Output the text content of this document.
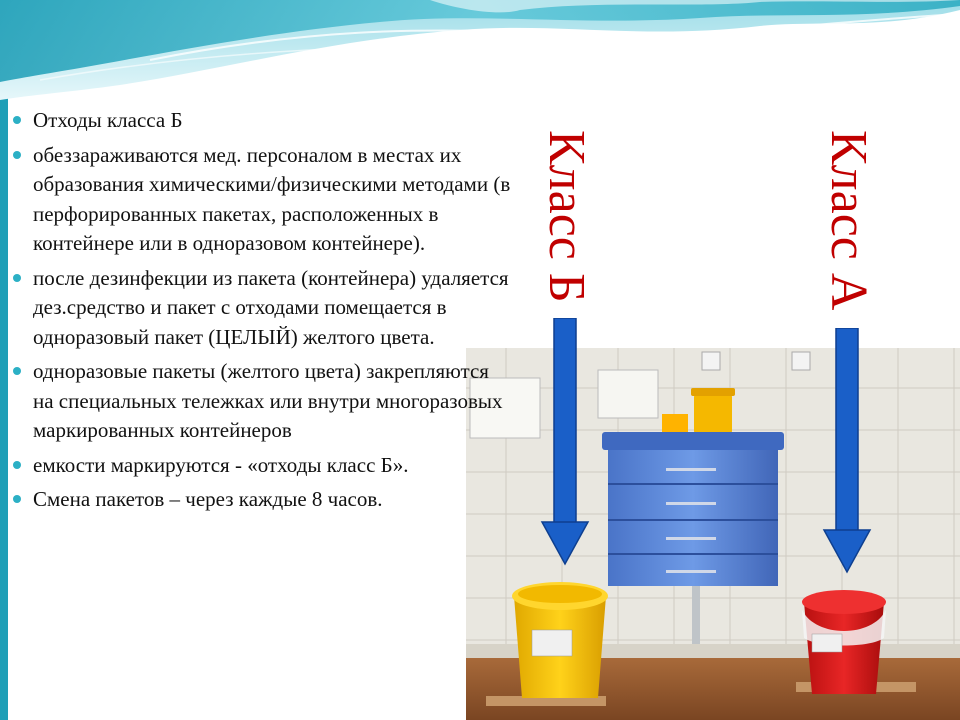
Отходы класса Б
обеззараживаются мед. персоналом в местах их образования химическими/физическими методами (в перфорированных пакетах, расположенных в контейнере или в одноразовом контейнере).
после дезинфекции из пакета (контейнера) удаляется дез.средство и пакет с отходами помещается в одноразовый пакет (ЦЕЛЫЙ) желтого цвета.
одноразовые пакеты (желтого цвета) закрепляются на специальных тележках или внутри многоразовых маркированных контейнеров
емкости маркируются - «отходы класс Б».
Смена пакетов – через каждые 8 часов.
Класс Б	Класс А
